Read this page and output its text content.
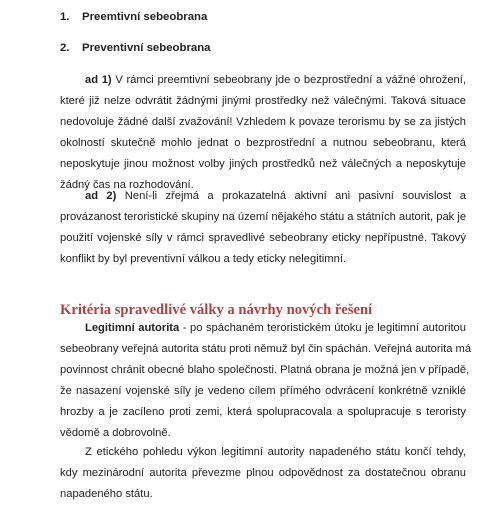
1. Preemtivní sebeobrana
2. Preventivní sebeobrana
ad 1) V rámci preemtivní sebeobrany jde o bezprostřední a vážné ohrožení,
které již nelze odvrátit žádnými jinými prostředky než válečnými. Taková situace
nedovoluje žádné další zvažování! Vzhledem k povaze terorismu by se za jistých
okolností skutečně mohlo jednat o bezprostřední a nutnou sebeobranu, která
neposkytuje jinou možnost volby jiných prostředků než válečných a neposkytuje
žádný čas na rozhodování.
ad 2) Není-li zřejmá a prokazatelná aktivní ani pasivní souvislost a
provázanost teroristické skupiny na území nějakého státu a státních autorit, pak je
použití vojenské síly v rámci spravedlivé sebeobrany eticky nepřípustné. Takový
konflikt by byl preventivní válkou a tedy eticky nelegitimní.
Kritéria spravedlivé války a návrhy nových řešení
Legitimní autorita - po spáchaném teroristickém útoku je legitimní autoritou
sebeobrany veřejná autorita státu proti němuž byl čin spáchán. Veřejná autorita má
povinnost chránit obecné blaho společnosti. Platná obrana je možná jen v případě,
že nasazení vojenské síly je vedeno cílem přímého odvrácení konkrétně vzniklé
hrozby a je zacíleno proti zemi, která spolupracovala a spolupracuje s teroristy
vědomě a dobrovolně.
Z etického pohledu výkon legitimní autority napadeného státu končí tehdy,
kdy mezinárodní autorita převezme plnou odpovědnost za dostatečnou obranu
napadeného státu.
